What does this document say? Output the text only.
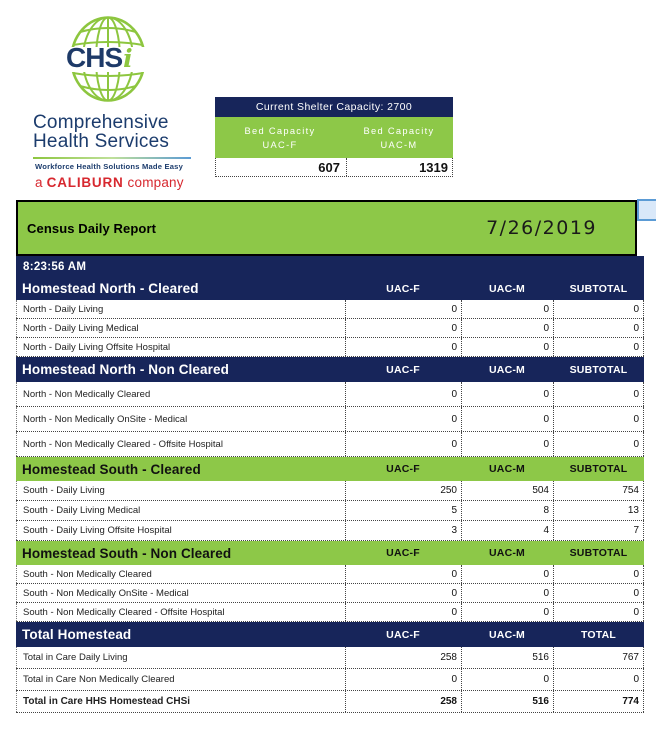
CHSi
Comprehensive
Health Services
Workforce Health Solutions Made Easy
a CALIBURN company
Current Shelter Capacity: 2700
Bed Capacity
UAC-F
Bed Capacity
UAC-M
607	1319
Census Daily Report	7/26/2019
8:23:56 AM
Homestead North - Cleared	UAC-F	UAC-M	SUBTOTAL
North - Daily Living	0	0	0
North - Daily Living Medical	0	0	0
North - Daily Living Offsite Hospital	0	0	0
Homestead North - Non Cleared	UAC-F	UAC-M	SUBTOTAL
North - Non Medically Cleared	0	0	0
North - Non Medically OnSite - Medical	0	0	0
North - Non Medically Cleared - Offsite Hospital	0	0	0
Homestead South - Cleared	UAC-F	UAC-M	SUBTOTAL
South - Daily Living	250	504	754
South - Daily Living Medical	5	8	13
South - Daily Living Offsite Hospital	3	4	7
Homestead South - Non Cleared	UAC-F	UAC-M	SUBTOTAL
South - Non Medically Cleared	0	0	0
South - Non Medically OnSite - Medical	0	0	0
South - Non Medically Cleared - Offsite Hospital	0	0	0
Total Homestead	UAC-F	UAC-M	TOTAL
Total in Care Daily Living	258	516	767
Total in Care Non Medically Cleared	0	0	0
Total in Care HHS Homestead CHSi	258	516	774
